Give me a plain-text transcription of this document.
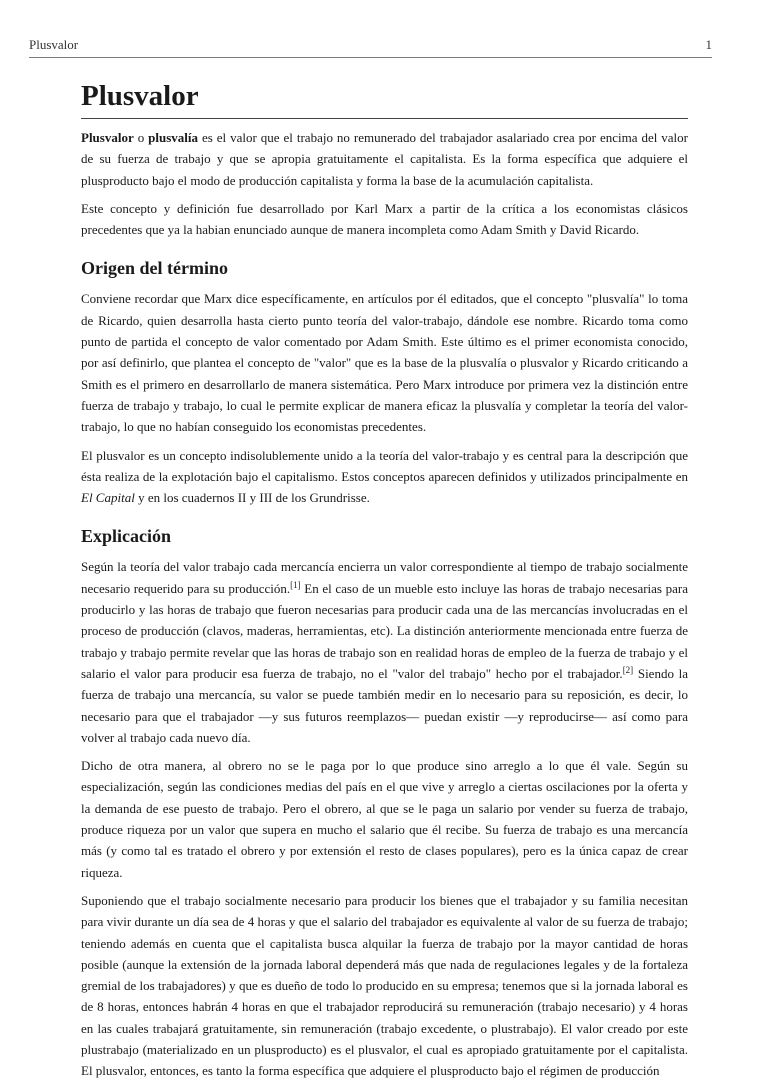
Plusvalor	1
Plusvalor

Plusvalor o plusvalía es el valor que el trabajo no remunerado del trabajador asalariado crea por encima del valor de su fuerza de trabajo y que se apropia gratuitamente el capitalista. Es la forma específica que adquiere el plusproducto bajo el modo de producción capitalista y forma la base de la acumulación capitalista.

Este concepto y definición fue desarrollado por Karl Marx a partir de la crítica a los economistas clásicos precedentes que ya la habian enunciado aunque de manera incompleta como Adam Smith y David Ricardo.

Origen del término

Conviene recordar que Marx dice específicamente, en artículos por él editados, que el concepto "plusvalía" lo toma de Ricardo, quien desarrolla hasta cierto punto teoría del valor-trabajo, dándole ese nombre. Ricardo toma como punto de partida el concepto de valor comentado por Adam Smith. Este último es el primer economista conocido, por así definirlo, que plantea el concepto de "valor" que es la base de la plusvalía o plusvalor y Ricardo criticando a Smith es el primero en desarrollarlo de manera sistemática. Pero Marx introduce por primera vez la distinción entre fuerza de trabajo y trabajo, lo cual le permite explicar de manera eficaz la plusvalía y completar la teoría del valor-trabajo, lo que no habían conseguido los economistas precedentes.

El plusvalor es un concepto indisolublemente unido a la teoría del valor-trabajo y es central para la descripción que ésta realiza de la explotación bajo el capitalismo. Estos conceptos aparecen definidos y utilizados principalmente en El Capital y en los cuadernos II y III de los Grundrisse.

Explicación

Según la teoría del valor trabajo cada mercancía encierra un valor correspondiente al tiempo de trabajo socialmente necesario requerido para su producción.[1] En el caso de un mueble esto incluye las horas de trabajo necesarias para producirlo y las horas de trabajo que fueron necesarias para producir cada una de las mercancías involucradas en el proceso de producción (clavos, maderas, herramientas, etc). La distinción anteriormente mencionada entre fuerza de trabajo y trabajo permite revelar que las horas de trabajo son en realidad horas de empleo de la fuerza de trabajo y el salario el valor para producir esa fuerza de trabajo, no el "valor del trabajo" hecho por el trabajador.[2] Siendo la fuerza de trabajo una mercancía, su valor se puede también medir en lo necesario para su reposición, es decir, lo necesario para que el trabajador —y sus futuros reemplazos— puedan existir —y reproducirse— así como para volver al trabajo cada nuevo día.

Dicho de otra manera, al obrero no se le paga por lo que produce sino arreglo a lo que él vale. Según su especialización, según las condiciones medias del país en el que vive y arreglo a ciertas oscilaciones por la oferta y la demanda de ese puesto de trabajo. Pero el obrero, al que se le paga un salario por vender su fuerza de trabajo, produce riqueza por un valor que supera en mucho el salario que él recibe. Su fuerza de trabajo es una mercancía más (y como tal es tratado el obrero y por extensión el resto de clases populares), pero es la única capaz de crear riqueza.

Suponiendo que el trabajo socialmente necesario para producir los bienes que el trabajador y su familia necesitan para vivir durante un día sea de 4 horas y que el salario del trabajador es equivalente al valor de su fuerza de trabajo; teniendo además en cuenta que el capitalista busca alquilar la fuerza de trabajo por la mayor cantidad de horas posible (aunque la extensión de la jornada laboral dependerá más que nada de regulaciones legales y de la fortaleza gremial de los trabajadores) y que es dueño de todo lo producido en su empresa; tenemos que si la jornada laboral es de 8 horas, entonces habrán 4 horas en que el trabajador reproducirá su remuneración (trabajo necesario) y 4 horas en las cuales trabajará gratuitamente, sin remuneración (trabajo excedente, o plustrabajo). El valor creado por este plustrabajo (materializado en un plusproducto) es el plusvalor, el cual es apropiado gratuitamente por el capitalista. El plusvalor, entonces, es tanto la forma específica que adquiere el plusproducto bajo el régimen de producción
